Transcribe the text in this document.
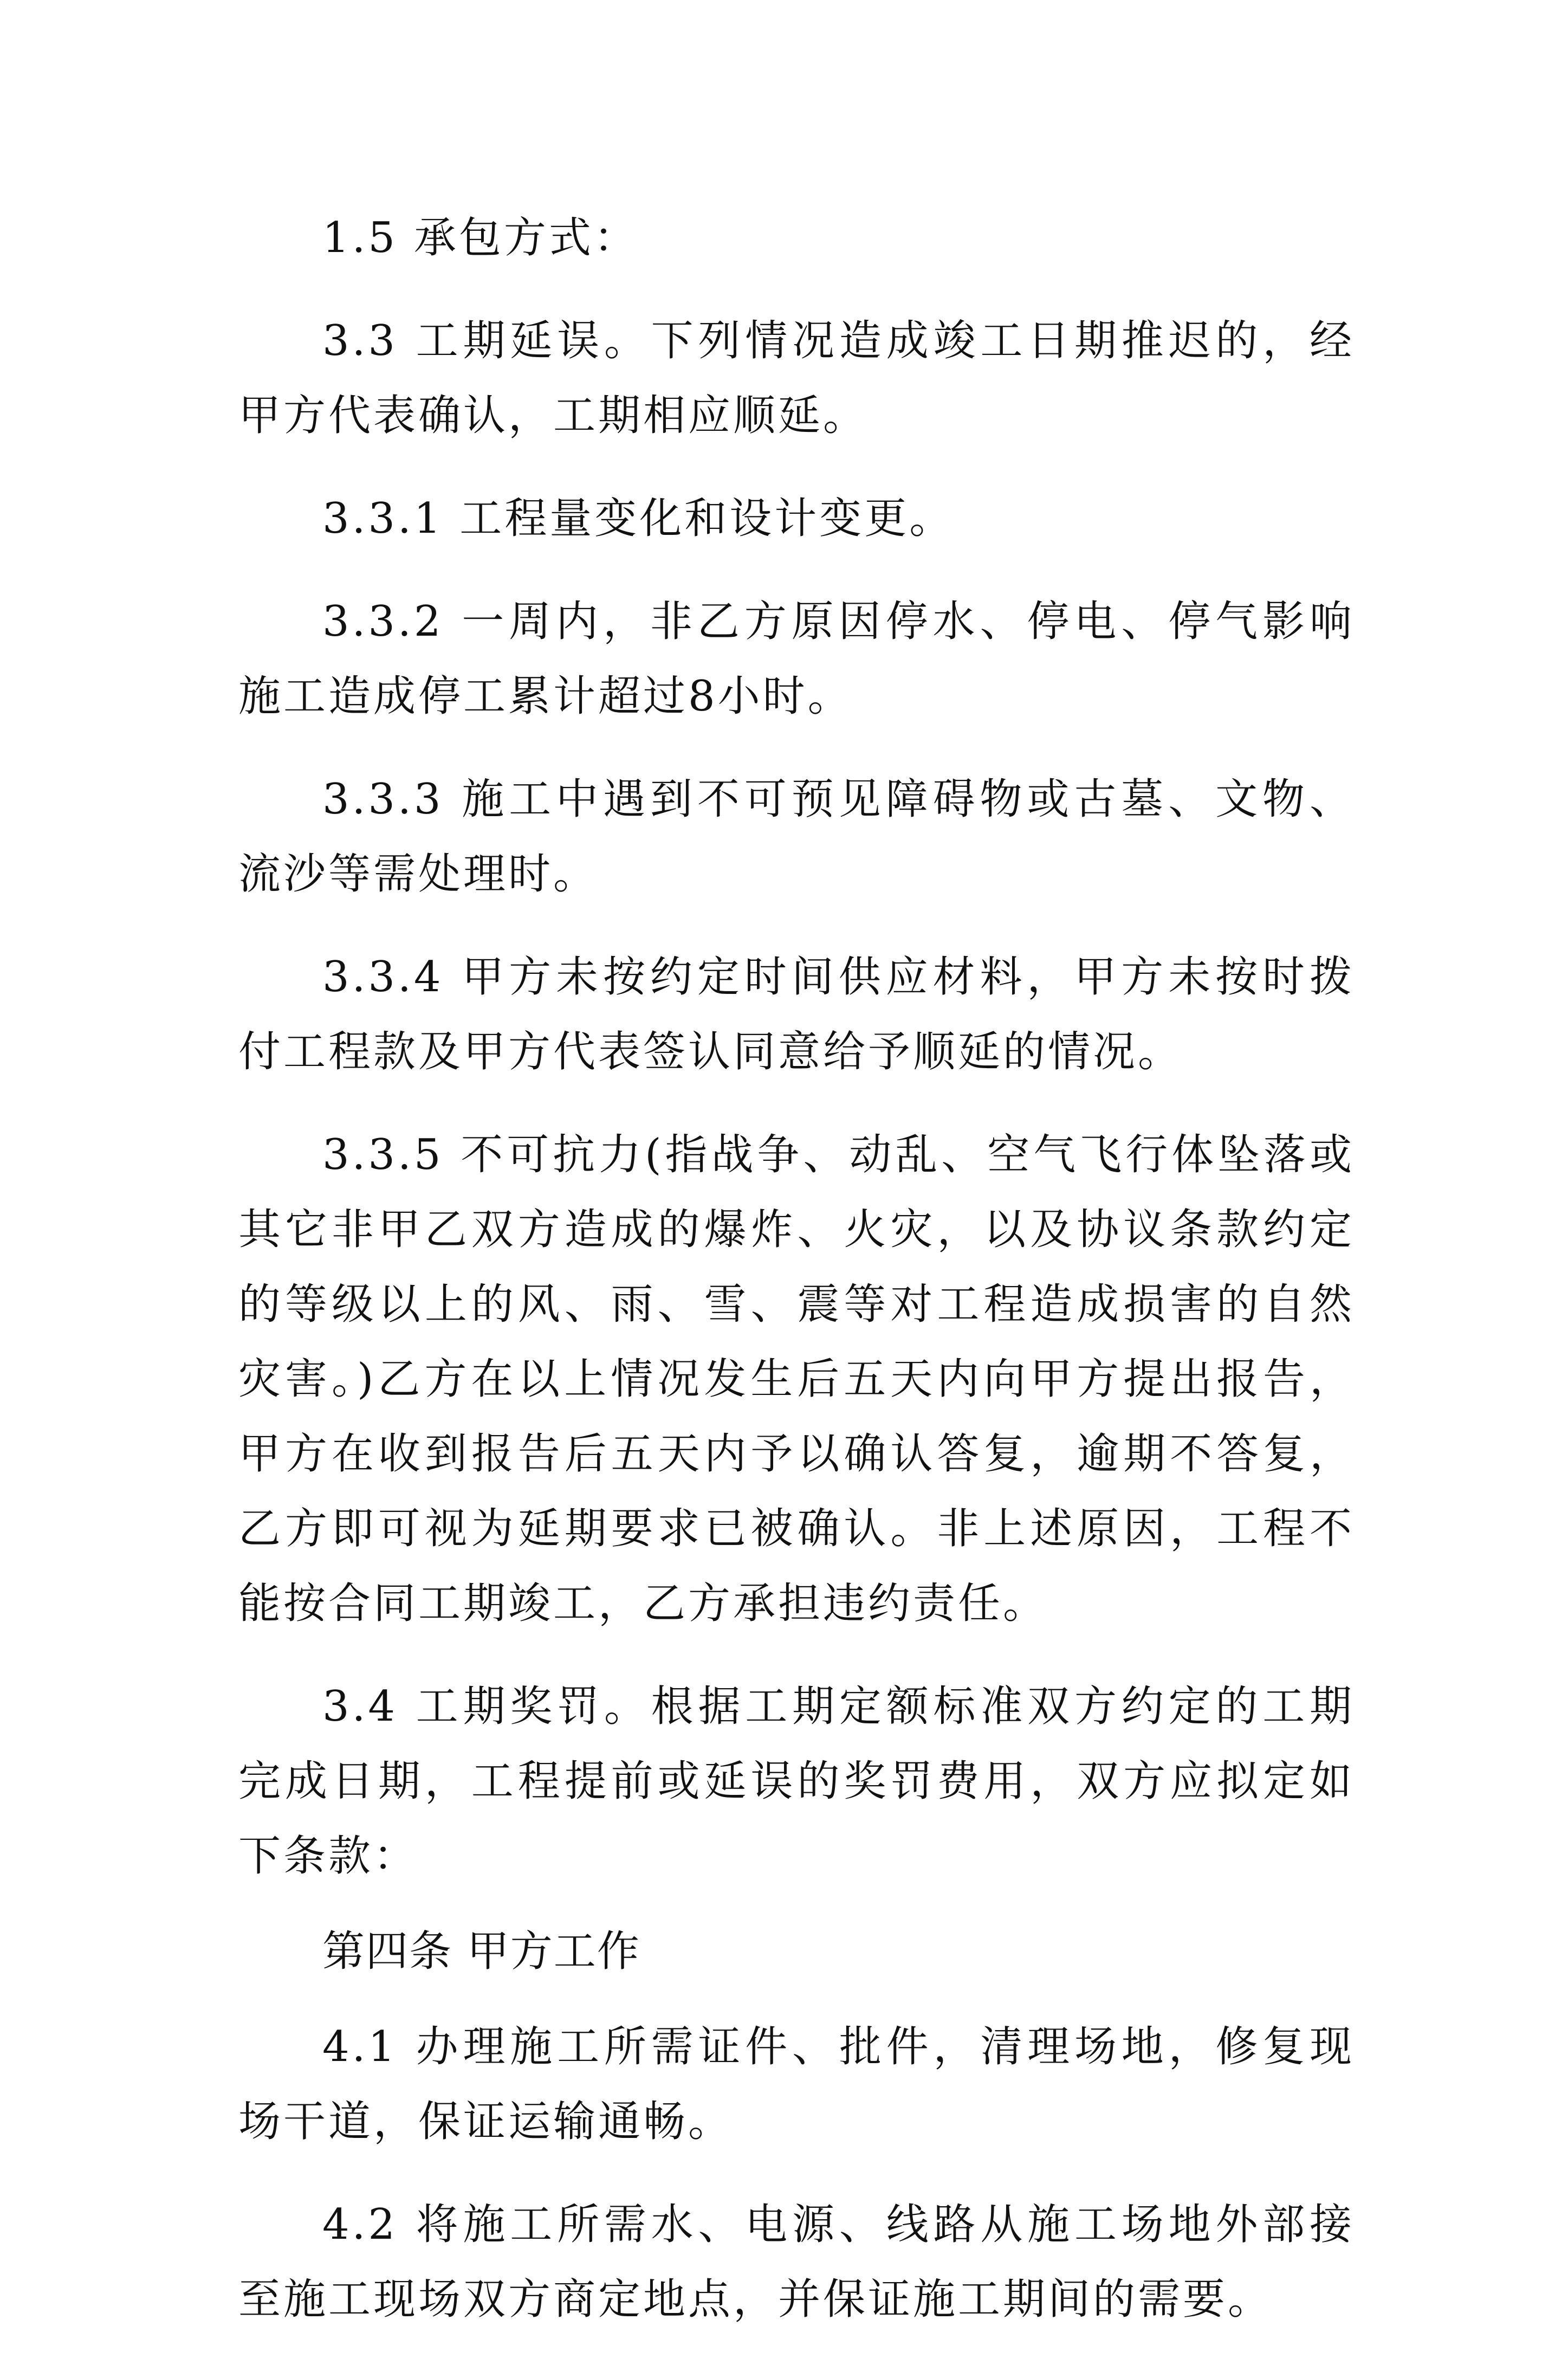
1.5 承包方式：

3.3 工期延误。下列情况造成竣工日期推迟的，经甲方代表确认，工期相应顺延。

3.3.1 工程量变化和设计变更。

3.3.2 一周内，非乙方原因停水、停电、停气影响施工造成停工累计超过8小时。

3.3.3 施工中遇到不可预见障碍物或古墓、文物、流沙等需处理时。

3.3.4 甲方未按约定时间供应材料，甲方未按时拨付工程款及甲方代表签认同意给予顺延的情况。

3.3.5 不可抗力(指战争、动乱、空气飞行体坠落或其它非甲乙双方造成的爆炸、火灾，以及协议条款约定的等级以上的风、雨、雪、震等对工程造成损害的自然灾害。)乙方在以上情况发生后五天内向甲方提出报告，甲方在收到报告后五天内予以确认答复，逾期不答复，乙方即可视为延期要求已被确认。非上述原因，工程不能按合同工期竣工，乙方承担违约责任。

3.4 工期奖罚。根据工期定额标准双方约定的工期完成日期，工程提前或延误的奖罚费用，双方应拟定如下条款：

第四条 甲方工作

4.1 办理施工所需证件、批件，清理场地，修复现场干道，保证运输通畅。

4.2 将施工所需水、电源、线路从施工场地外部接至施工现场双方商定地点，并保证施工期间的需要。
